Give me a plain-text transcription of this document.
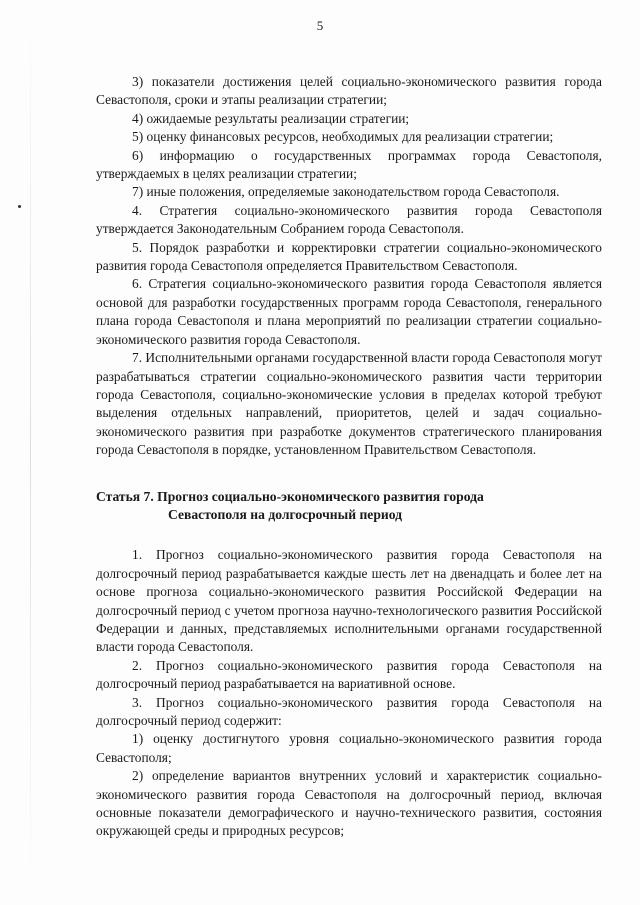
5

3) показатели достижения целей социально-экономического развития города Севастополя, сроки и этапы реализации стратегии;

4) ожидаемые результаты реализации стратегии;

5) оценку финансовых ресурсов, необходимых для реализации стратегии;

6) информацию о государственных программах города Севастополя, утверждаемых в целях реализации стратегии;

7) иные положения, определяемые законодательством города Севастополя.

4. Стратегия социально-экономического развития города Севастополя утверждается Законодательным Собранием города Севастополя.

5. Порядок разработки и корректировки стратегии социально-экономического развития города Севастополя определяется Правительством Севастополя.

6. Стратегия социально-экономического развития города Севастополя является основой для разработки государственных программ города Севастополя, генерального плана города Севастополя и плана мероприятий по реализации стратегии социально-экономического развития города Севастополя.

7. Исполнительными органами государственной власти города Севастополя могут разрабатываться стратегии социально-экономического развития части территории города Севастополя, социально-экономические условия в пределах которой требуют выделения отдельных направлений, приоритетов, целей и задач социально-экономического развития при разработке документов стратегического планирования города Севастополя в порядке, установленном Правительством Севастополя.

Статья 7. Прогноз социально-экономического развития города
Севастополя на долгосрочный период

1. Прогноз социально-экономического развития города Севастополя на долгосрочный период разрабатывается каждые шесть лет на двенадцать и более лет на основе прогноза социально-экономического развития Российской Федерации на долгосрочный период с учетом прогноза научно-технологического развития Российской Федерации и данных, представляемых исполнительными органами государственной власти города Севастополя.

2. Прогноз социально-экономического развития города Севастополя на долгосрочный период разрабатывается на вариативной основе.

3. Прогноз социально-экономического развития города Севастополя на долгосрочный период содержит:

1) оценку достигнутого уровня социально-экономического развития города Севастополя;

2) определение вариантов внутренних условий и характеристик социально-экономического развития города Севастополя на долгосрочный период, включая основные показатели демографического и научно-технического развития, состояния окружающей среды и природных ресурсов;
